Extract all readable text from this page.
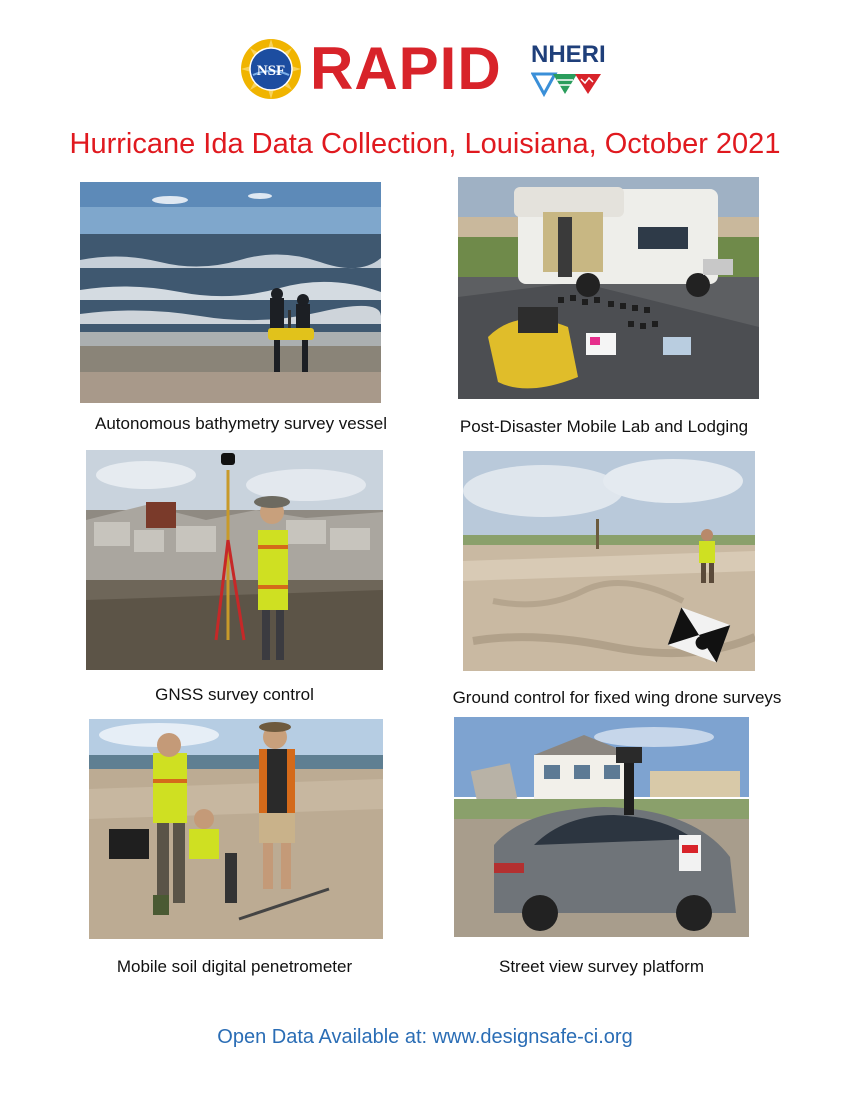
NSF RAPID NHERI
Hurricane Ida Data Collection, Louisiana, October 2021
Autonomous bathymetry survey vessel	Post-Disaster Mobile Lab and Lodging
GNSS survey control	Ground control for fixed wing drone surveys
Mobile soil digital penetrometer	Street view survey platform
Open Data Available at: www.designsafe-ci.org
